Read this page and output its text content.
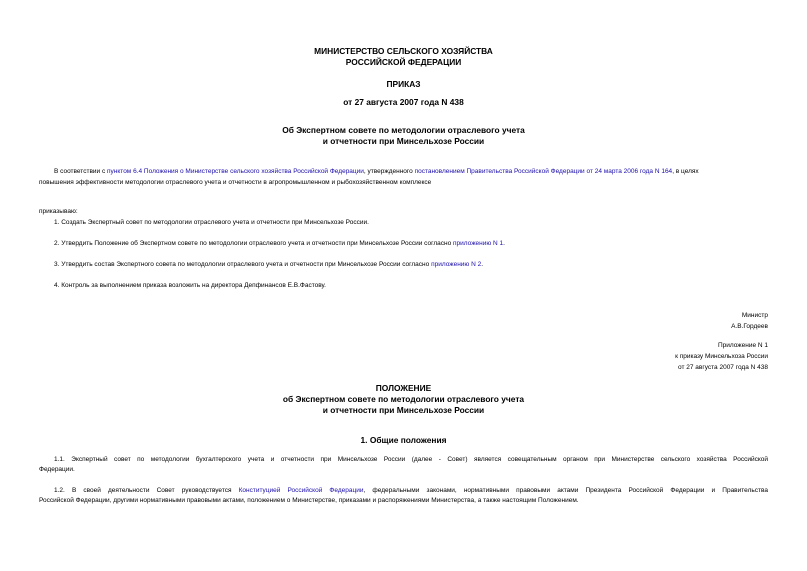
МИНИСТЕРСТВО СЕЛЬСКОГО ХОЗЯЙСТВА
РОССИЙСКОЙ ФЕДЕРАЦИИ
ПРИКАЗ
от 27 августа 2007 года N 438
Об Экспертном совете по методологии отраслевого учета
и отчетности при Минсельхозе России
В соответствии с пунктом 6.4 Положения о Министерстве сельского хозяйства Российской Федерации, утвержденного постановлением Правительства Российской Федерации от 24 марта 2006 года N 164, в целях
повышения эффективности методологии отраслевого учета и отчетности в агропромышленном и рыбохозяйственном комплексе
приказываю:
1. Создать Экспертный совет по методологии отраслевого учета и отчетности при Минсельхозе России.
2. Утвердить Положение об Экспертном совете по методологии отраслевого учета и отчетности при Минсельхозе России согласно приложению N 1.
3. Утвердить состав Экспертного совета по методологии отраслевого учета и отчетности при Минсельхозе России согласно приложению N 2.
4. Контроль за выполнением приказа возложить на директора Депфинансов Е.В.Фастову.
Министр
А.В.Гордеев
Приложение N 1
к приказу Минсельхоза России
от 27 августа 2007 года N 438
ПОЛОЖЕНИЕ
об Экспертном совете по методологии отраслевого учета
и отчетности при Минсельхозе России
1. Общие положения
1.1. Экспертный совет по методологии бухгалтерского учета и отчетности при Минсельхозе России (далее - Совет) является совещательным органом при Министерстве сельского хозяйства Российской
Федерации.
1.2. В своей деятельности Совет руководствуется Конституцией Российской Федерации, федеральными законами, нормативными правовыми актами Президента Российской Федерации и Правительства
Российской Федерации, другими нормативными правовыми актами, положением о Министерстве, приказами и распоряжениями Министерства, а также настоящим Положением.
